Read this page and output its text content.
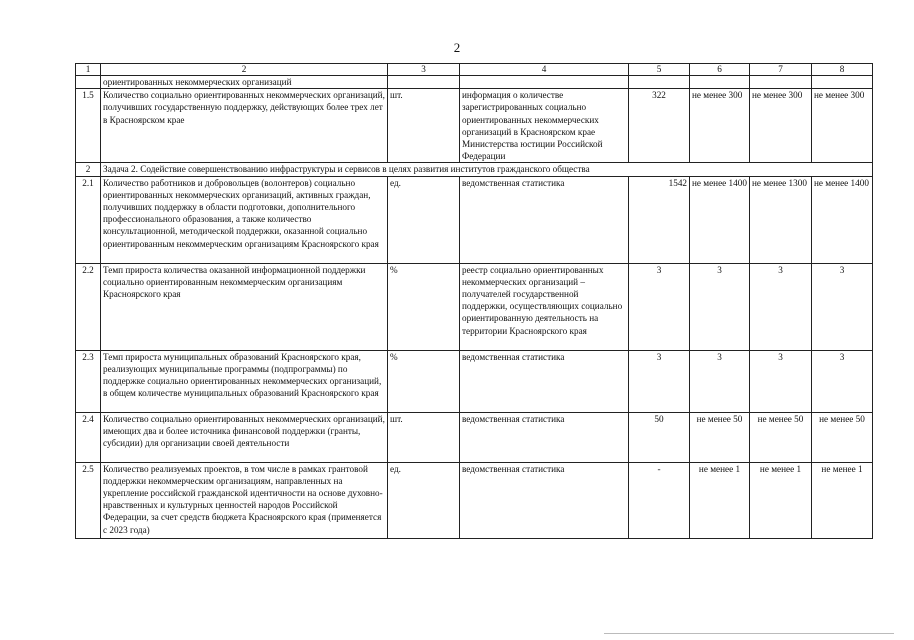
2
1	2	3	4	5	6	7	8
	ориентированных некоммерческих организаций						
1.5	Количество социально ориентированных некоммерческих организаций, получивших государственную поддержку, действующих более трех лет в Красноярском крае	шт.	информация о количестве зарегистрированных социально ориентированных некоммерческих организаций в Красноярском крае Министерства юстиции Российской Федерации	322	не менее 300	не менее 300	не менее 300
2	Задача 2. Содействие совершенствованию инфраструктуры и сервисов в целях развития институтов гражданского общества						
2.1	Количество работников и добровольцев (волонтеров) социально ориентированных некоммерческих организаций, активных граждан, получивших поддержку в области подготовки, дополнительного профессионального образования, а также количество консультационной, методической поддержки, оказанной социально ориентированным некоммерческим организациям Красноярского края	ед.	ведомственная статистика	1542	не менее 1400	не менее 1300	не менее 1400
2.2	Темп прироста количества оказанной информационной поддержки социально ориентированным некоммерческим организациям Красноярского края	%	реестр социально ориентированных некоммерческих организаций – получателей государственной поддержки, осуществляющих социально ориентированную деятельность на территории Красноярского края	3	3	3	3
2.3	Темп прироста муниципальных образований Красноярского края, реализующих муниципальные программы (подпрограммы) по поддержке социально ориентированных некоммерческих организаций, в общем количестве муниципальных образований Красноярского края	%	ведомственная статистика	3	3	3	3
2.4	Количество социально ориентированных некоммерческих организаций, имеющих два и более источника финансовой поддержки (гранты, субсидии) для организации своей деятельности	шт.	ведомственная статистика	50	не менее 50	не менее 50	не менее 50
2.5	Количество реализуемых проектов, в том числе в рамках грантовой поддержки некоммерческим организациям, направленных на укрепление российской гражданской идентичности на основе духовно-нравственных и культурных ценностей народов Российской Федерации, за счет средств бюджета Красноярского края (применяется с 2023 года)	ед.	ведомственная статистика	-	не менее 1	не менее 1	не менее 1
